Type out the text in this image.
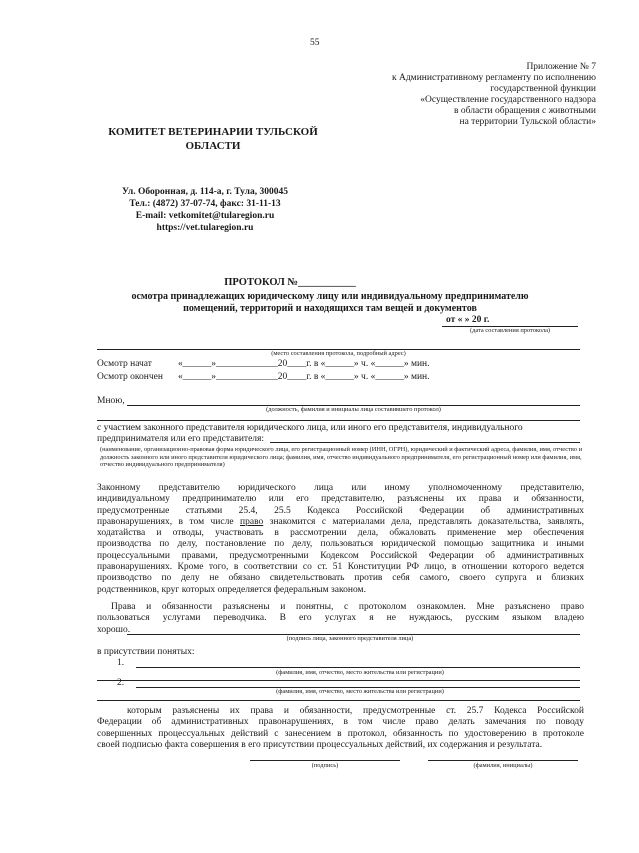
55
Приложение № 7
к Административному регламенту по исполнению
государственной функции
«Осуществление государственного надзора
в области обращения с животными
на территории Тульской области»
КОМИТЕТ ВЕТЕРИНАРИИ ТУЛЬСКОЙ
ОБЛАСТИ
Ул. Оборонная, д. 114-а, г. Тула, 300045
Тел.: (4872) 37-07-74, факс: 31-11-13
E-mail: vetkomitet@tularegion.ru
https://vet.tularegion.ru
ПРОТОКОЛ №___________
осмотра принадлежащих юридическому лицу или индивидуальному предпринимателю
помещений, территорий и находящихся там вещей и документов
от « » 20 г.
(дата составления протокола)
(место составления протокола, подробный адрес)
Осмотр начат	«______»_____________20____г. в «______» ч. «______» мин.
Осмотр окончен «______»_____________20____г. в «______» ч. «______» мин.
Мною,
(должность, фамилия и инициалы лица составившего протокол)
с участием законного представителя юридического лица, или иного его представителя, индивидуального
предпринимателя или его представителя:
(наименование, организационно-правовая форма юридического лица, его регистрационный номер (ИНН, ОГРН), юридический и фактический адреса, фамилия, имя, отчество и должность законного или иного представителя юридического лица; фамилия, имя, отчество индивидуального предпринимателя, его регистрационный номер или фамилия, имя, отчество индивидуального предпринимателя)
Законному представителю юридического лица или иному уполномоченному представителю,
индивидуальному предпринимателю или его представителю, разъяснены их права и обязанности,
предусмотренные статьями 25.4, 25.5 Кодекса Российской Федерации об административных
правонарушениях, в том числе право знакомится с материалами дела, представлять доказательства, заявлять,
ходатайства и отводы, участвовать в рассмотрении дела, обжаловать применение мер обеспечения
производства по делу, постановление по делу, пользоваться юридической помощью защитника и иными
процессуальными правами, предусмотренными Кодексом Российской Федерации об административных
правонарушениях. Кроме того, в соответствии со ст. 51 Конституции РФ лицо, в отношении которого ведется
производство по делу не обязано свидетельствовать против себя самого, своего супруга и близких
родственников, круг которых определяется федеральным законом.
Права и обязанности разъяснены и понятны, с протоколом ознакомлен. Мне разъяснено право
пользоваться услугами переводчика. В его услугах я не нуждаюсь, русским языком владею
хорошо.
(подпись лица, законного представителя лица)
в присутствии понятых:
1.
(фамилия, имя, отчество, место жительства или регистрации)
2.
(фамилия, имя, отчество, место жительства или регистрации)
которым разъяснены их права и обязанности, предусмотренные ст. 25.7 Кодекса Российской
Федерации об административных правонарушениях, в том числе право делать замечания по поводу
совершенных процессуальных действий с занесением в протокол, обязанность по удостоверению в протоколе
своей подписью факта совершения в его присутствии процессуальных действий, их содержания и результата.
(подпись)	(фамилия, инициалы)
